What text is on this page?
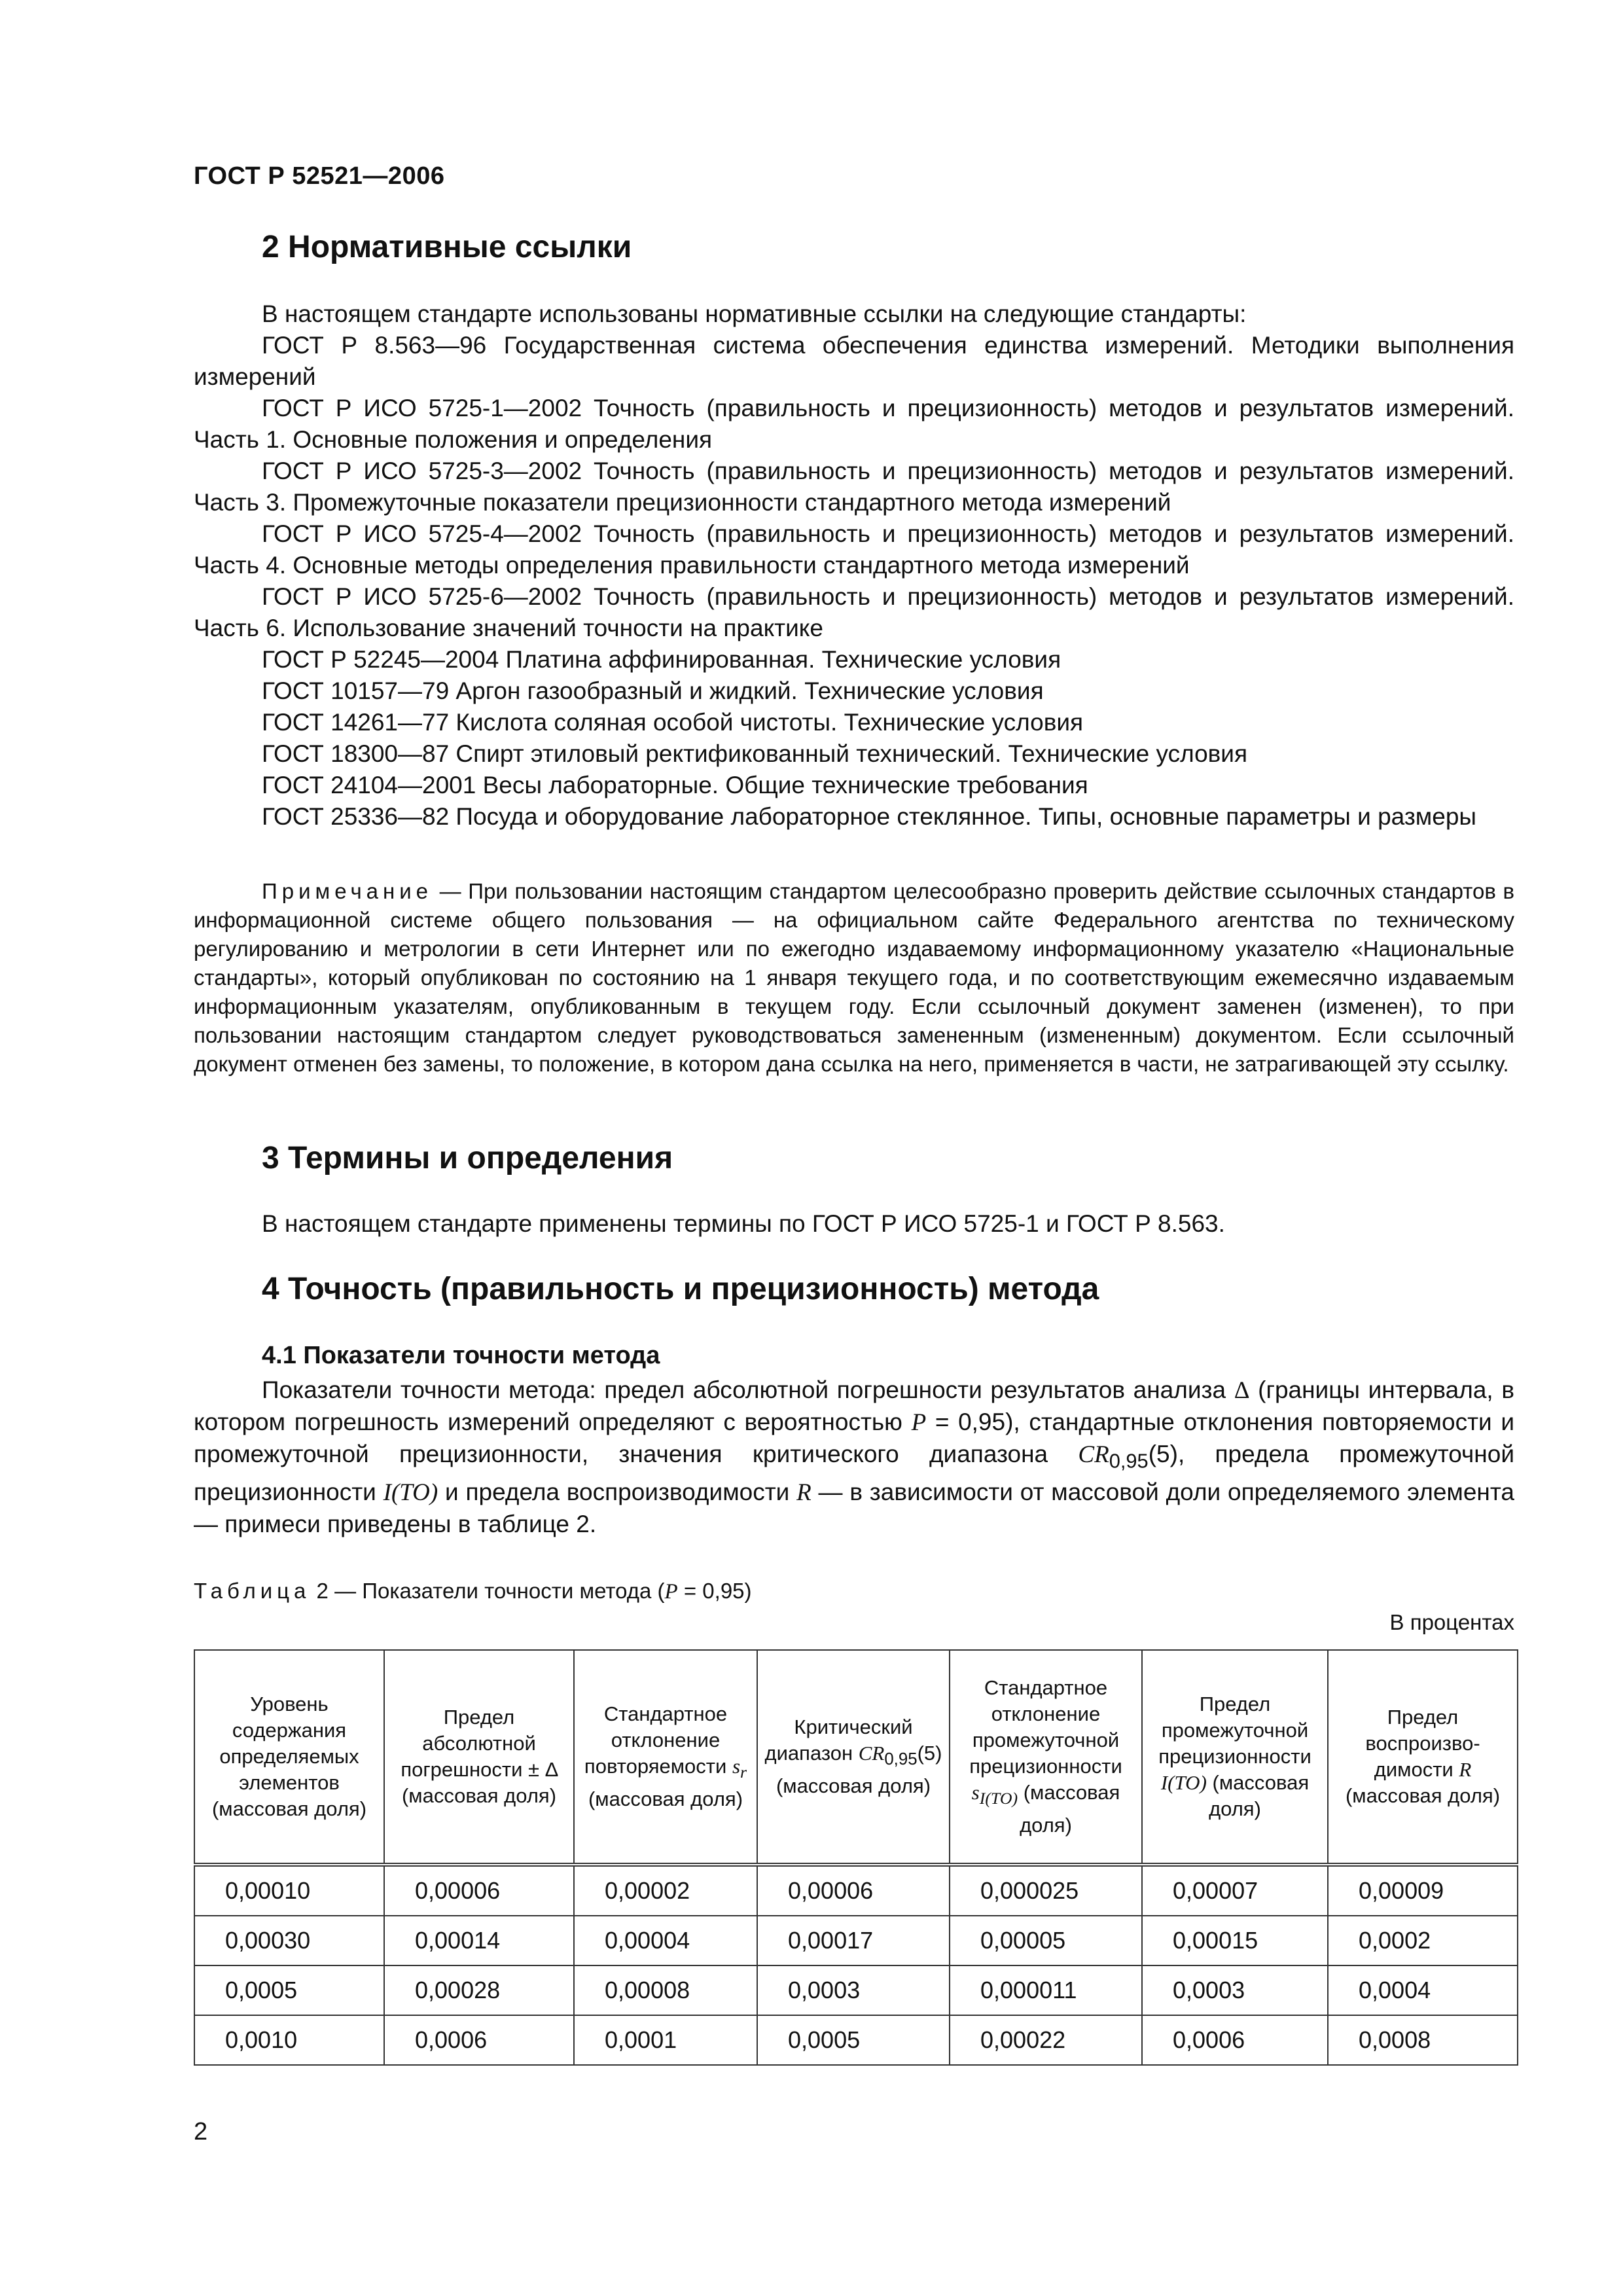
ГОСТ Р 52521—2006
2 Нормативные ссылки

В настоящем стандарте использованы нормативные ссылки на следующие стандарты:

ГОСТ Р 8.563—96 Государственная система обеспечения единства измерений. Методики выполнения измерений

ГОСТ Р ИСО 5725-1—2002 Точность (правильность и прецизионность) методов и результатов измерений. Часть 1. Основные положения и определения

ГОСТ Р ИСО 5725-3—2002 Точность (правильность и прецизионность) методов и результатов измерений. Часть 3. Промежуточные показатели прецизионности стандартного метода измерений

ГОСТ Р ИСО 5725-4—2002 Точность (правильность и прецизионность) методов и результатов измерений. Часть 4. Основные методы определения правильности стандартного метода измерений

ГОСТ Р ИСО 5725-6—2002 Точность (правильность и прецизионность) методов и результатов измерений. Часть 6. Использование значений точности на практике

ГОСТ Р 52245—2004 Платина аффинированная. Технические условия

ГОСТ 10157—79 Аргон газообразный и жидкий. Технические условия

ГОСТ 14261—77 Кислота соляная особой чистоты. Технические условия

ГОСТ 18300—87 Спирт этиловый ректификованный технический. Технические условия

ГОСТ 24104—2001 Весы лабораторные. Общие технические требования

ГОСТ 25336—82 Посуда и оборудование лабораторное стеклянное. Типы, основные параметры и размеры

Примечание — При пользовании настоящим стандартом целесообразно проверить действие ссылочных стандартов в информационной системе общего пользования — на официальном сайте Федерального агентства по техническому регулированию и метрологии в сети Интернет или по ежегодно издаваемому информационному указателю «Национальные стандарты», который опубликован по состоянию на 1 января текущего года, и по соответствующим ежемесячно издаваемым информационным указателям, опубликованным в текущем году. Если ссылочный документ заменен (изменен), то при пользовании настоящим стандартом следует руководствоваться замененным (измененным) документом. Если ссылочный документ отменен без замены, то положение, в котором дана ссылка на него, применяется в части, не затрагивающей эту ссылку.
3 Термины и определения

В настоящем стандарте применены термины по ГОСТ Р ИСО 5725-1 и ГОСТ Р 8.563.

4 Точность (правильность и прецизионность) метода
4.1 Показатели точности метода

Показатели точности метода: предел абсолютной погрешности результатов анализа Δ (границы интервала, в котором погрешность измерений определяют с вероятностью P = 0,95), стандартные отклонения повторяемости и промежуточной прецизионности, значения критического диапазона $CR_{0,95}(5)$, предела промежуточной прецизионности I(TO) и предела воспроизводимости R — в зависимости от массовой доли определяемого элемента — примеси приведены в таблице 2.

Таблица 2 — Показатели точности метода (P = 0,95)
В процентах
Уровень содержания определяемых элементов (массовая доля)	Предел абсолютной погрешности ± Δ (массовая доля)	Стандартное отклонение повторяемости $s_r$ (массовая доля)	Критический диапазон $CR_{0,95}(5)$ (массовая доля)	Стандартное отклонение промежуточной прецизионности $s_{I(TO)}$ (массовая доля)	Предел промежуточной прецизионности I(TO) (массовая доля)	Предел воспроизво-димости R (массовая доля)
0,00010	0,00006	0,00002	0,00006	0,000025	0,00007	0,00009
0,00030	0,00014	0,00004	0,00017	0,00005	0,00015	0,0002
0,0005	0,00028	0,00008	0,0003	0,000011	0,0003	0,0004
0,0010	0,0006	0,0001	0,0005	0,00022	0,0006	0,0008
2
